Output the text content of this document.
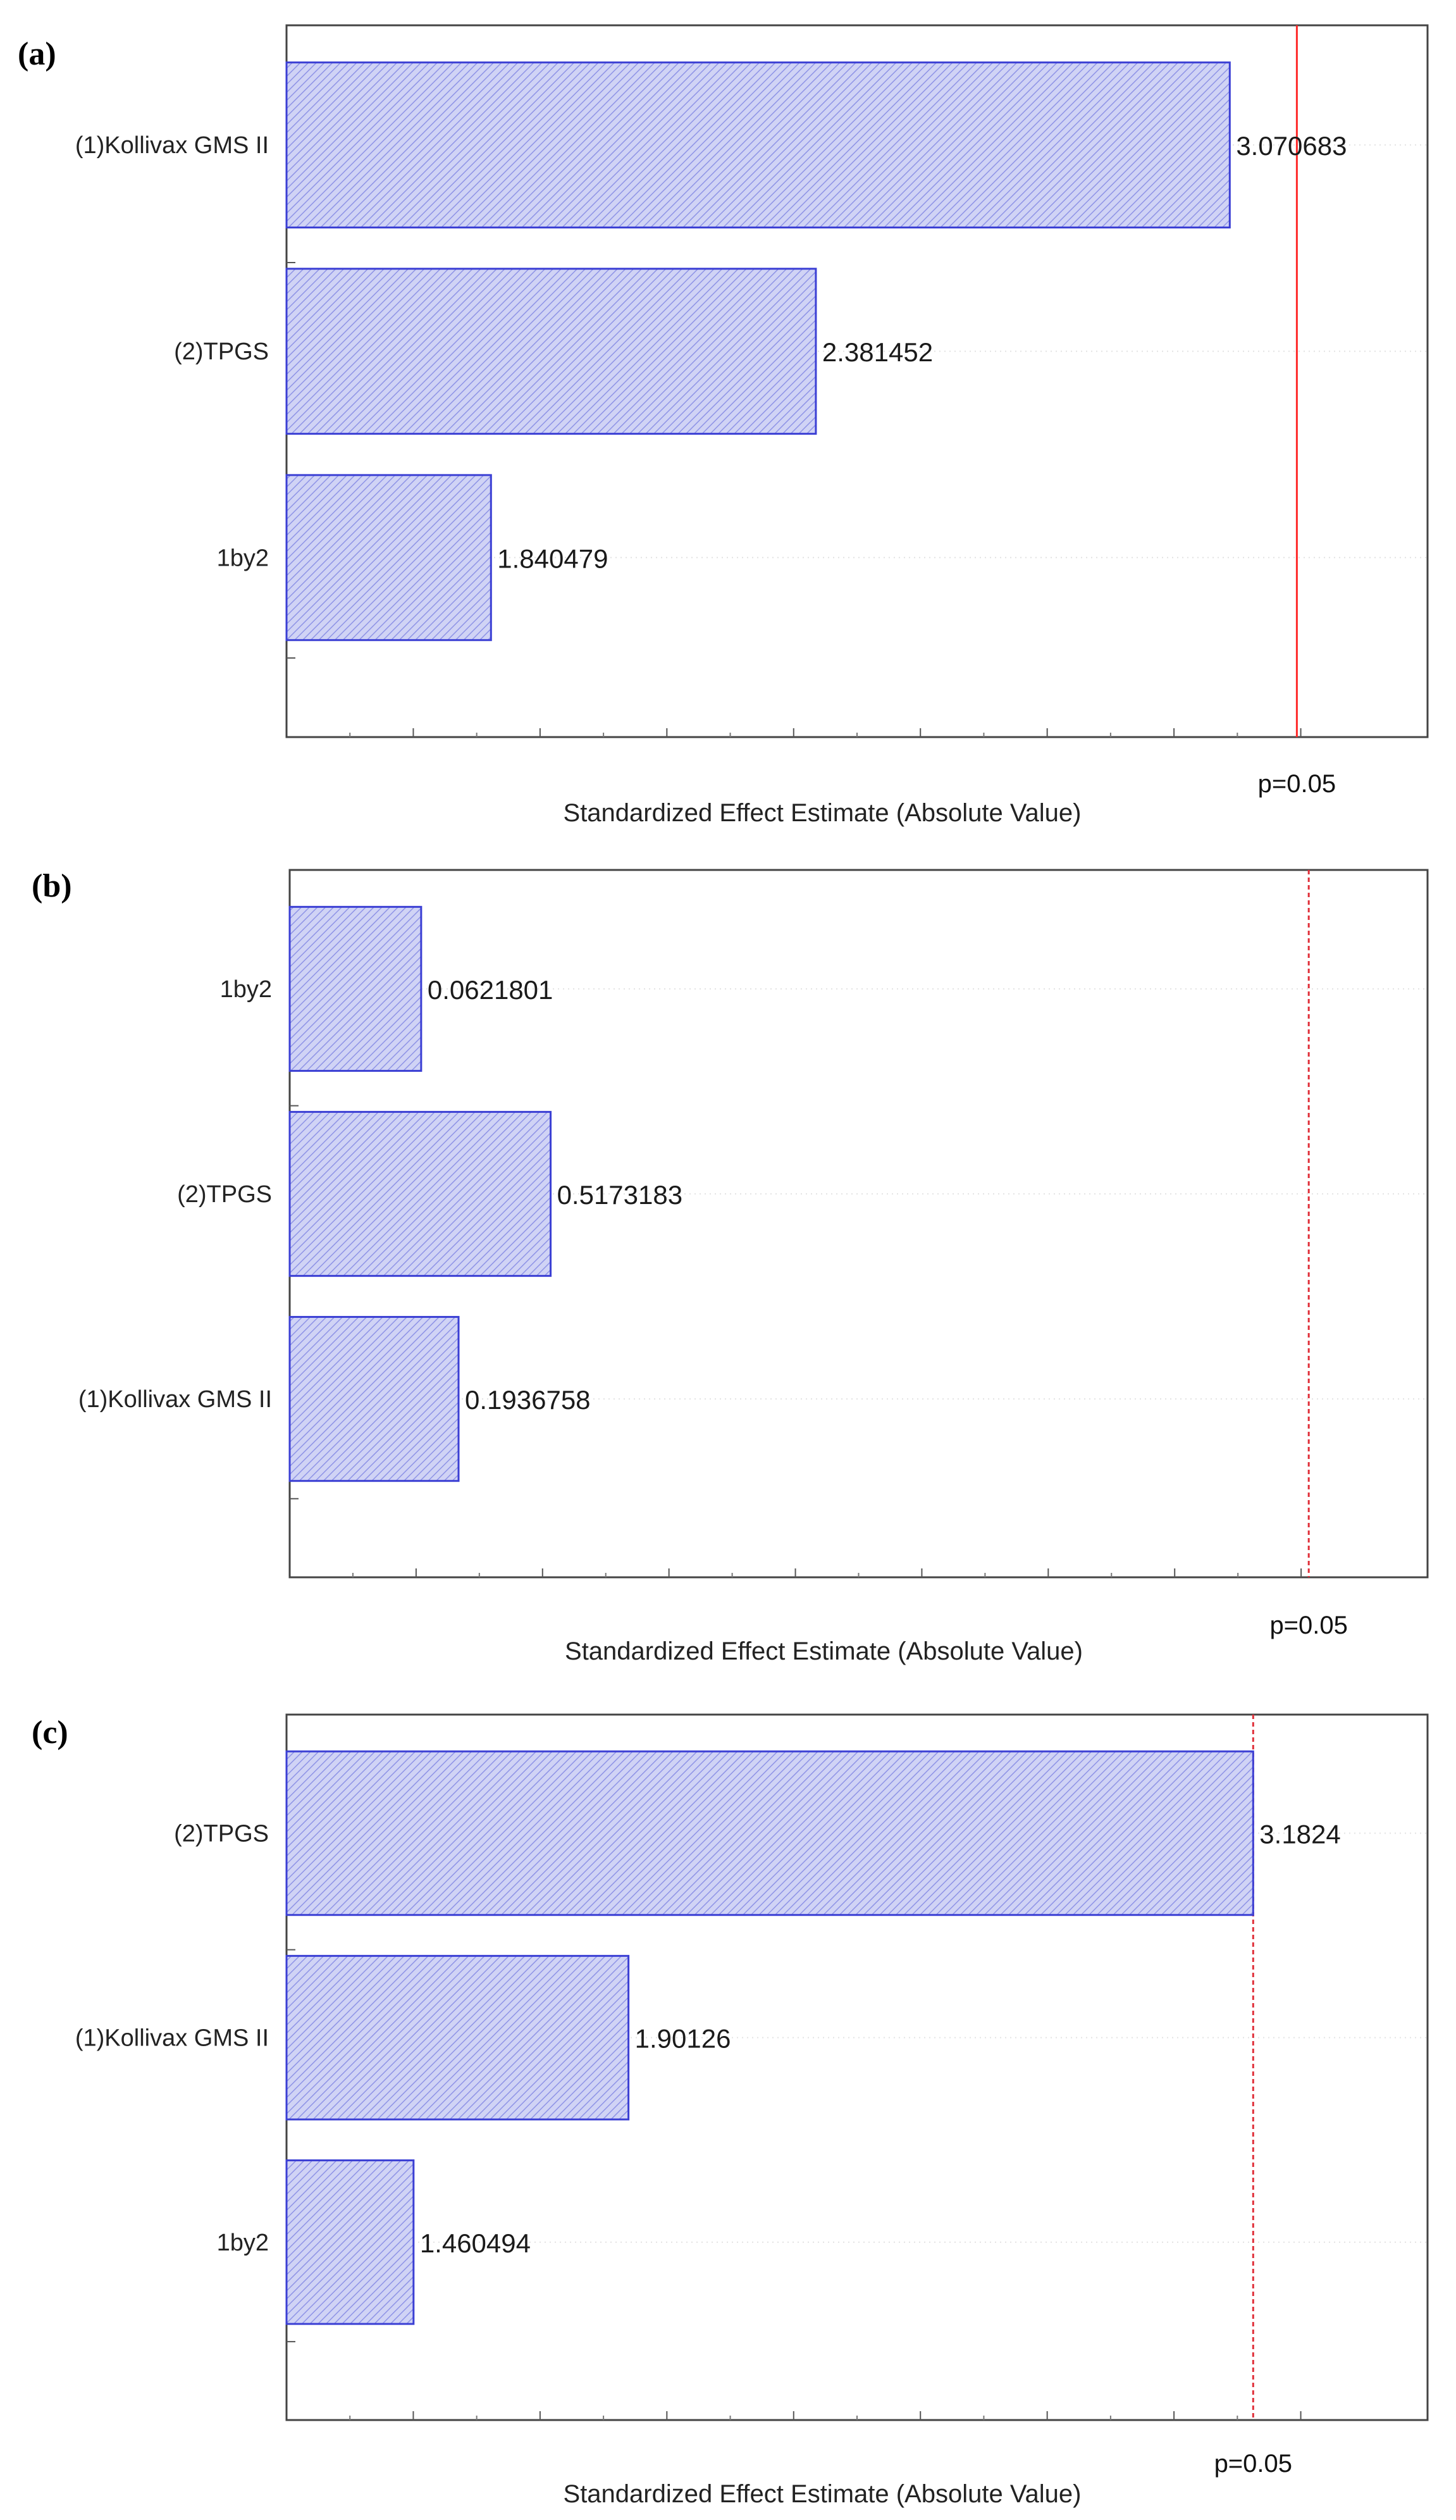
(a)
(1)Kollivax GMS II	3.070683
(2)TPGS	2.381452
1by2	1.840479
p=0.05
Standardized Effect Estimate (Absolute Value)
(b)
1by2	0.0621801
(2)TPGS	0.5173183
(1)Kollivax GMS II	0.1936758
p=0.05
Standardized Effect Estimate (Absolute Value)
(c)
(2)TPGS	3.1824
(1)Kollivax GMS II	1.90126
1by2	1.460494
p=0.05
Standardized Effect Estimate (Absolute Value)
